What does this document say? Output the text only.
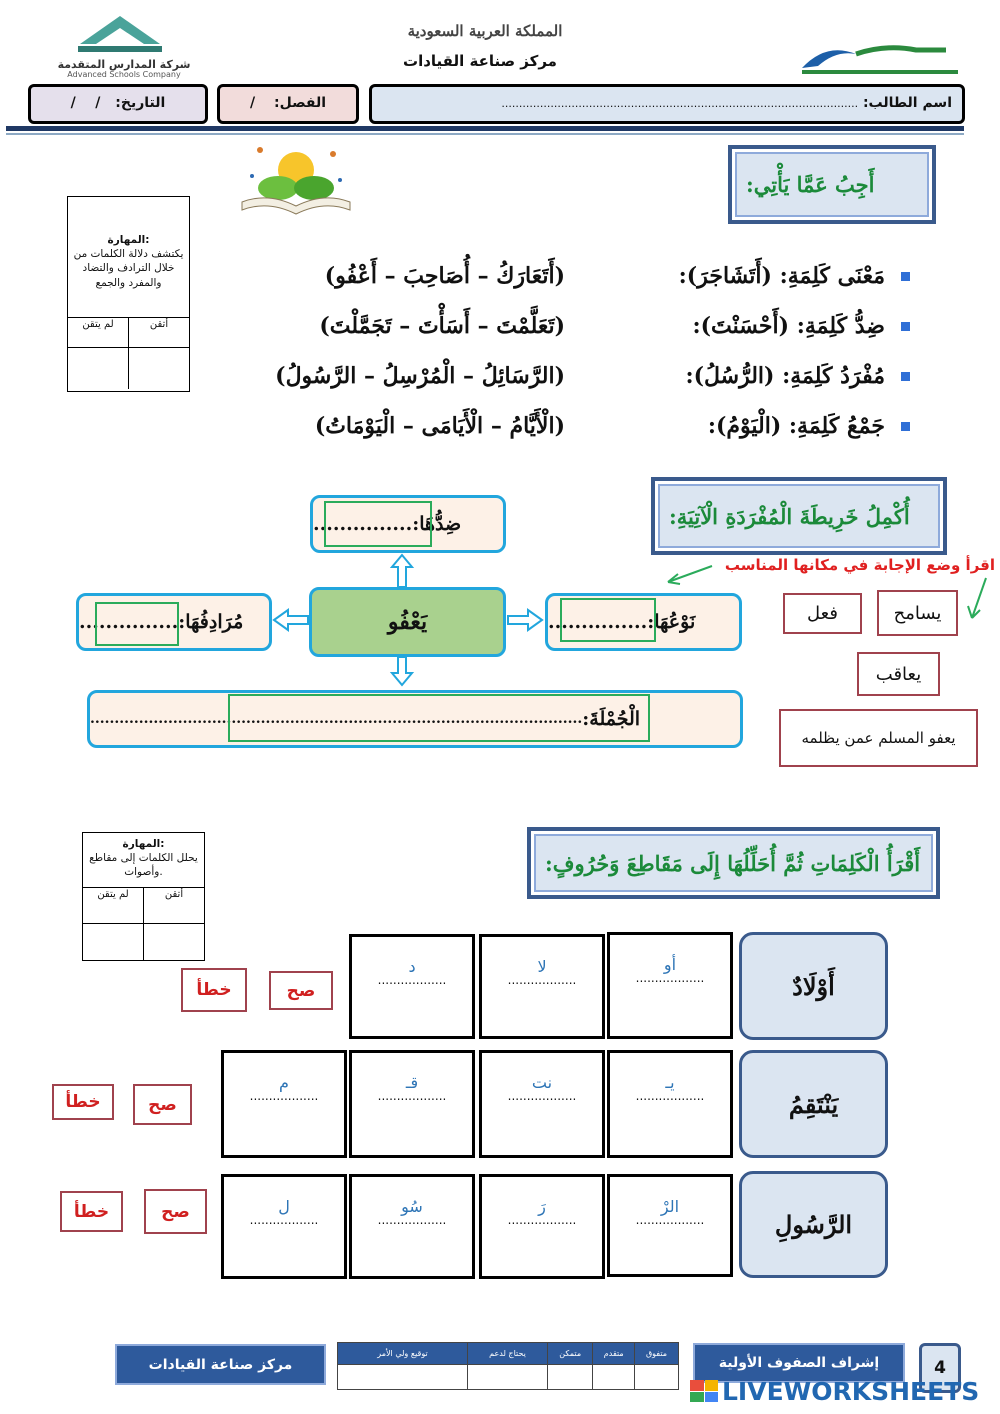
شركة المدارس المتقدمة
Advanced Schools Company
المملكة العربية السعودية
مركز صناعة القيادات
اسم الطالب: ......................................................................................................
الفصل: /
التاريخ: /    /
أَجِبُ عَمَّا يَأْتِي:
المهارة:
يكتشف دلالة الكلمات من خلال الترادف والتضاد والمفرد والجمع
لم يتقن	أتقن
مَعْنَى كَلِمَةِ: (أَتَشَاجَرَ):
(أَتَعَارَكُ – أُصَاحِبَ – أَعْفُو)
ضِدُّ كَلِمَةِ: (أَحْسَنْتَ):
(تَعَلَّمْتَ – أَسَأْتَ – تَجَمَّلْتَ)
مُفْرَدُ كَلِمَةِ: (الرُّسُلُ):
(الرَّسَائِلُ – الْمُرْسِلُ – الرَّسُولُ)
جَمْعُ كَلِمَةِ: (الْيَوْمُ):
(الْأَيَّامُ – الْأَيَامَى – الْيَوْمَاتُ)
أُكْمِلُ خَرِيطَةَ الْمُفْرَدَةِ الْآتِيَةِ:
اقرأ وضع الإجابة في مكانها المناسب
ضِدُّهَا:
...............
مُرَادِفُهَا:
...............	يَعْفُو	نَوْعُهَا:
...............
الْجُمْلَةَ:
.....................................................................................................
فعل	يسامح
يعاقب
يعفو المسلم عمن يظلمه
أَقْرَأُ الْكَلِمَاتِ ثُمَّ أُحَلِّلُهَا إِلَى مَقَاطِعَ وَحُرُوفٍ:
المهارة:
يحلل الكلمات إلى مقاطع وأصوات.
لم يتقن	أتقن
أَوْلَادٌ
أو
..................
لا
..................
د
..................
صح
خطأ
يَنْتَقِمُ
يـ
..................
نت
..................
قـ
..................
م
..................
صح
خطأ
الرَّسُولِ
الرْ
..................
رَ
..................
سُو
..................
ل
..................
صح
خطأ
مركز صناعة القيادات
متفوق	متقدم	متمكن	يحتاج لدعم	توقيع ولي الأمر

إشراف الصفوف الأولية	4
LIVEWORKSHEETS
